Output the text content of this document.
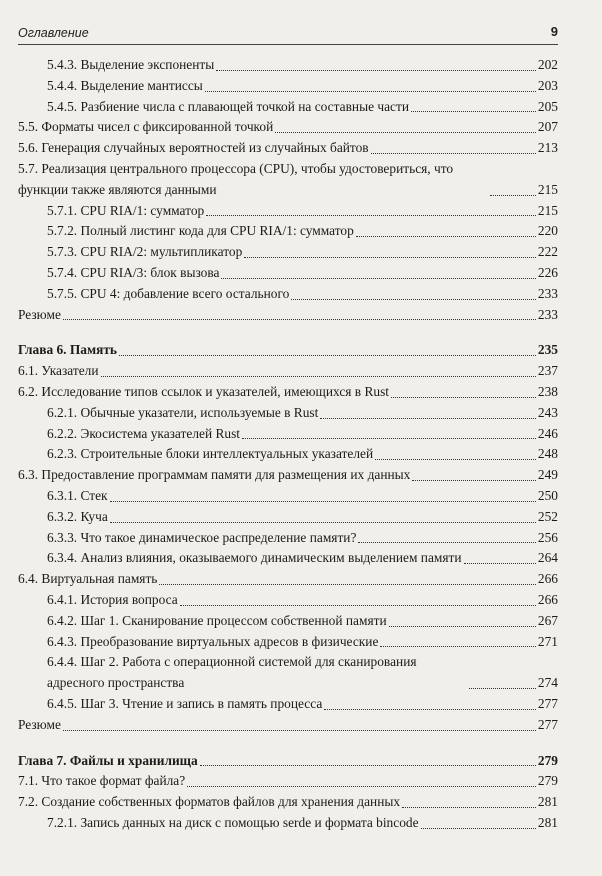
Оглавление	9
5.4.3. Выделение экспоненты	202
5.4.4. Выделение мантиссы	203
5.4.5. Разбиение числа с плавающей точкой на составные части	205
5.5. Форматы чисел с фиксированной точкой	207
5.6. Генерация случайных вероятностей из случайных байтов	213
5.7. Реализация центрального процессора (CPU), чтобы удостовериться, что функции также являются данными	215
5.7.1. CPU RIA/1: сумматор	215
5.7.2. Полный листинг кода для CPU RIA/1: сумматор	220
5.7.3. CPU RIA/2: мультипликатор	222
5.7.4. CPU RIA/3: блок вызова	226
5.7.5. CPU 4: добавление всего остального	233
Резюме	233
Глава 6. Память	235
6.1. Указатели	237
6.2. Исследование типов ссылок и указателей, имеющихся в Rust	238
6.2.1. Обычные указатели, используемые в Rust	243
6.2.2. Экосистема указателей Rust	246
6.2.3. Строительные блоки интеллектуальных указателей	248
6.3. Предоставление программам памяти для размещения их данных	249
6.3.1. Стек	250
6.3.2. Куча	252
6.3.3. Что такое динамическое распределение памяти?	256
6.3.4. Анализ влияния, оказываемого динамическим выделением памяти	264
6.4. Виртуальная память	266
6.4.1. История вопроса	266
6.4.2. Шаг 1. Сканирование процессом собственной памяти	267
6.4.3. Преобразование виртуальных адресов в физические	271
6.4.4. Шаг 2. Работа с операционной системой для сканирования адресного пространства	274
6.4.5. Шаг 3. Чтение и запись в память процесса	277
Резюме	277
Глава 7. Файлы и хранилища	279
7.1. Что такое формат файла?	279
7.2. Создание собственных форматов файлов для хранения данных	281
7.2.1. Запись данных на диск с помощью serde и формата bincode	281
